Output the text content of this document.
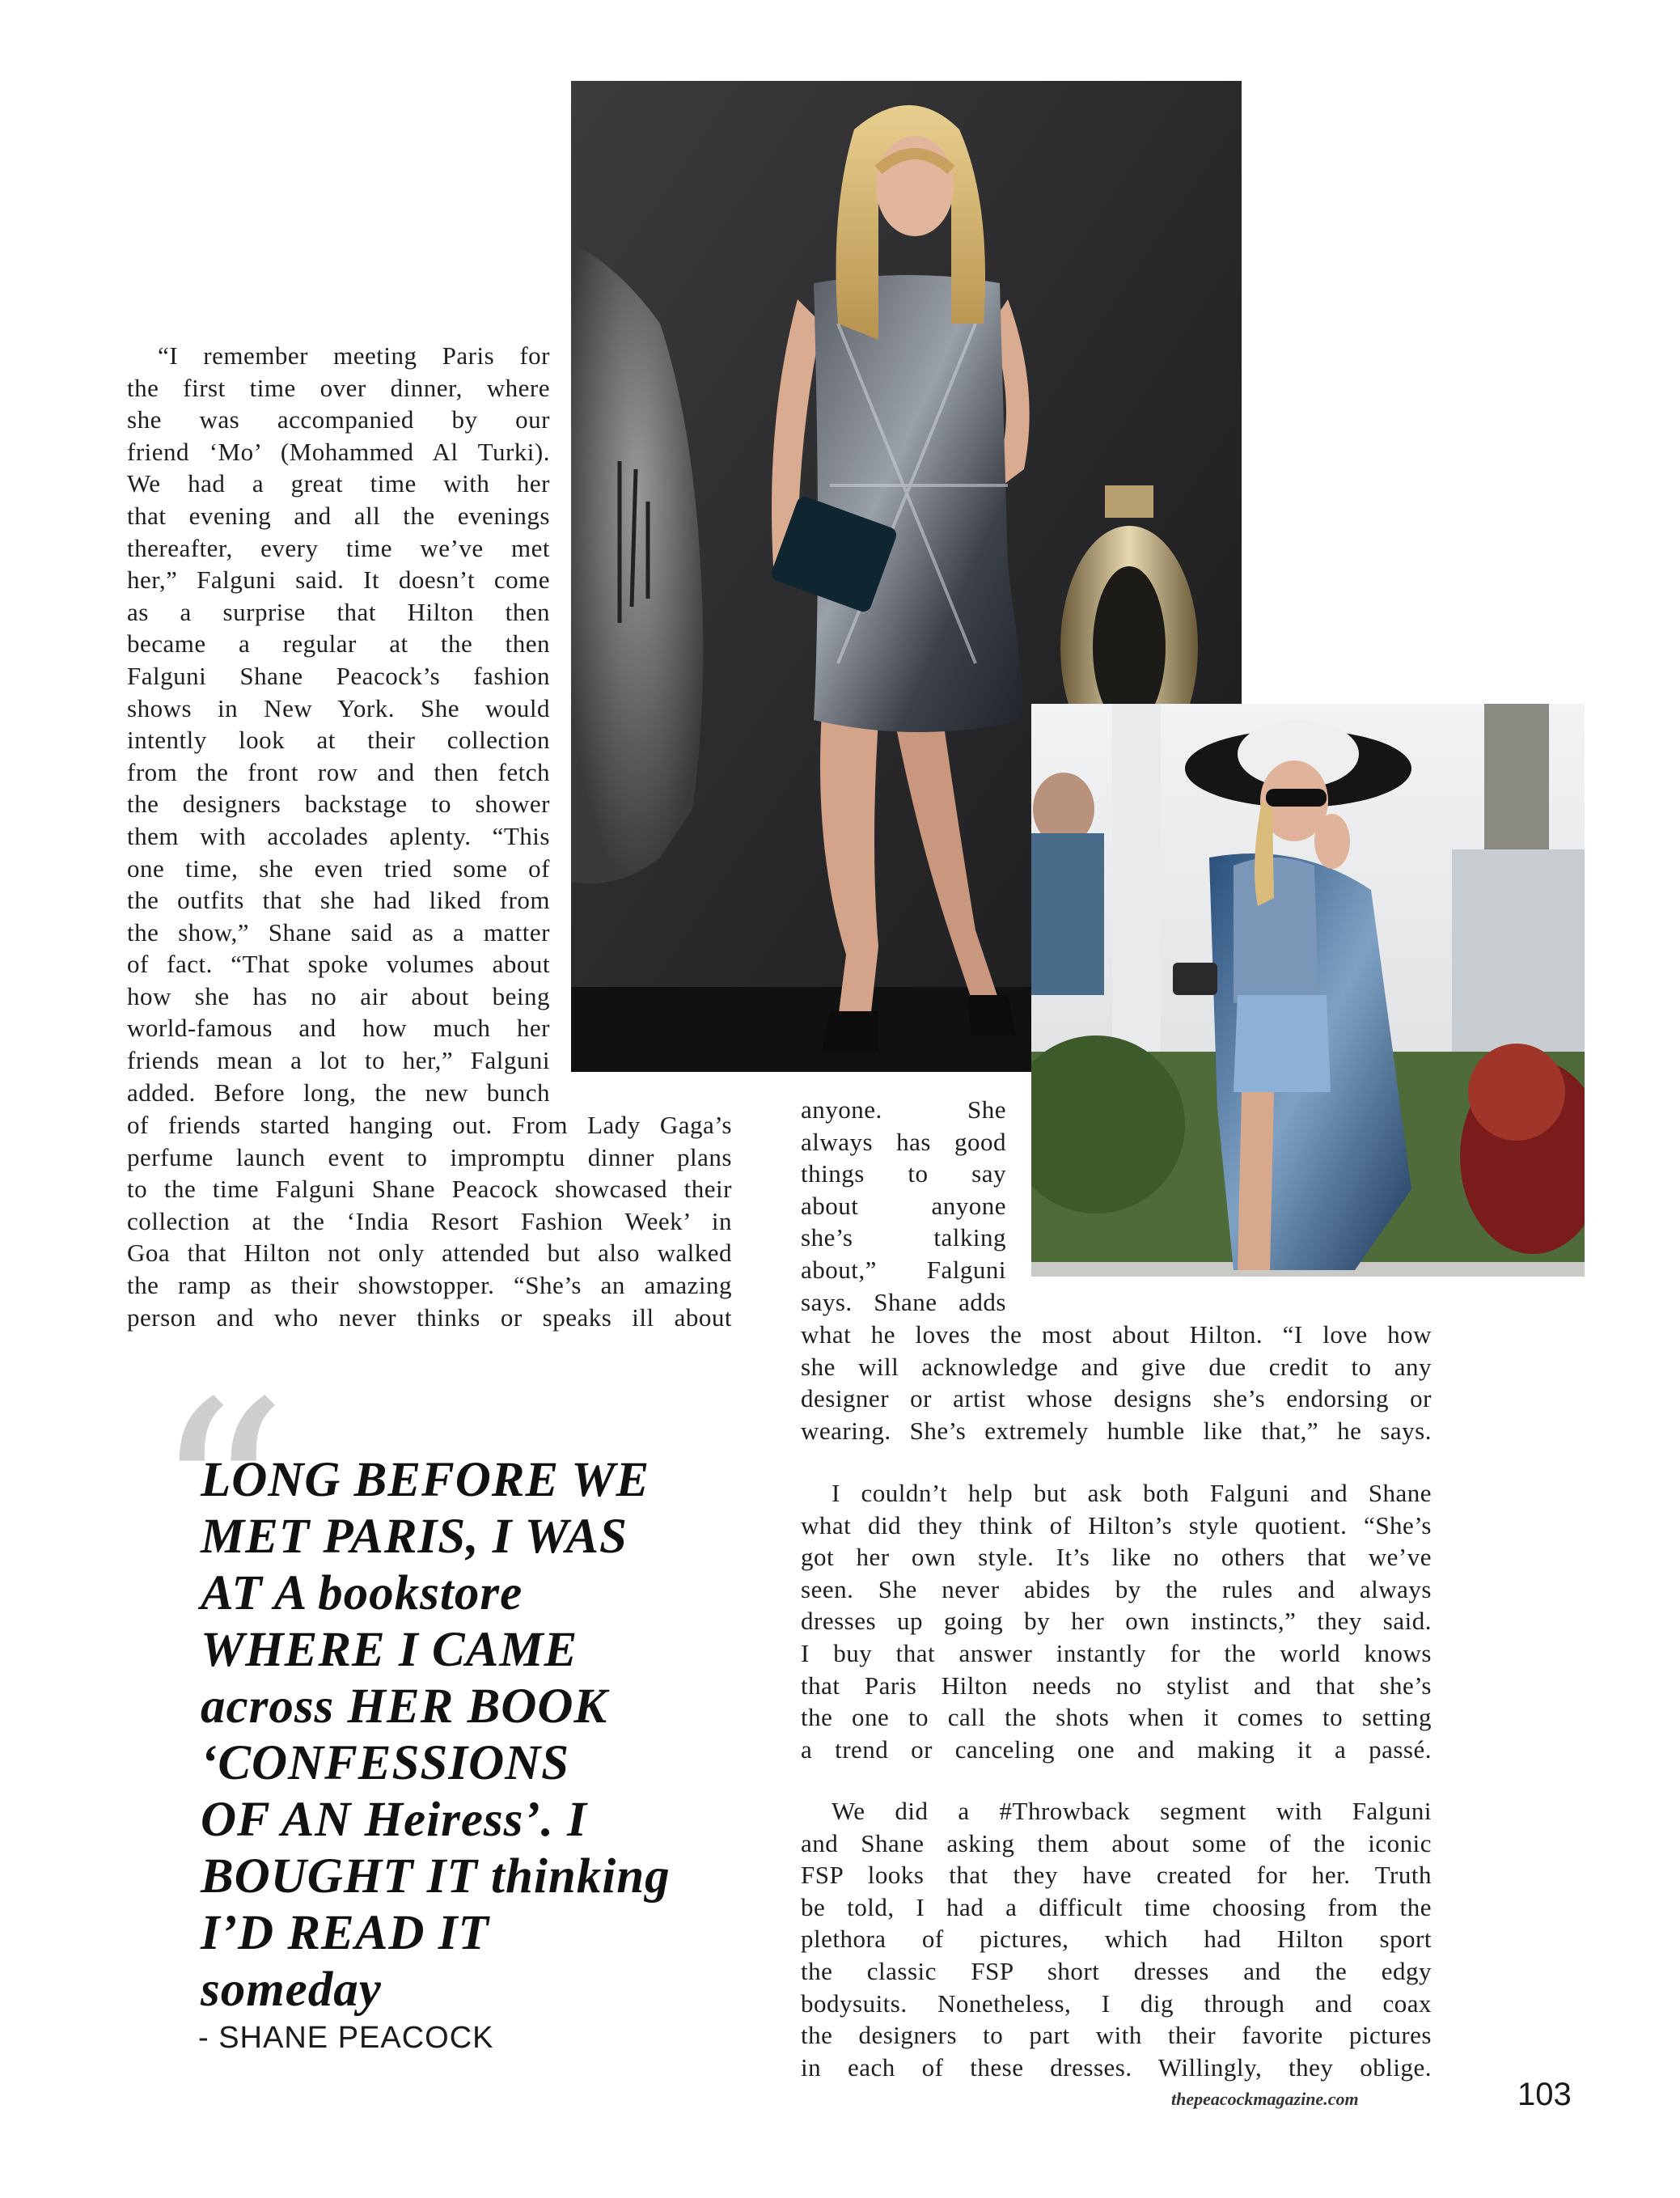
“I remember meeting Paris for
the first time over dinner, where
she was accompanied by our
friend ‘Mo’ (Mohammed Al Turki).
We had a great time with her
that evening and all the evenings
thereafter, every time we’ve met
her,” Falguni said. It doesn’t come
as a surprise that Hilton then
became a regular at the then
Falguni Shane Peacock’s fashion
shows in New York. She would
intently look at their collection
from the front row and then fetch
the designers backstage to shower
them with accolades aplenty. “This
one time, she even tried some of
the outfits that she had liked from
the show,” Shane said as a matter
of fact. “That spoke volumes about
how she has no air about being
world-famous and how much her
friends mean a lot to her,” Falguni
added. Before long, the new bunch
of friends started hanging out. From Lady Gaga’s
perfume launch event to impromptu dinner plans
to the time Falguni Shane Peacock showcased their
collection at the ‘India Resort Fashion Week’ in
Goa that Hilton not only attended but also walked
the ramp as their showstopper. “She’s an amazing
person and who never thinks or speaks ill about
anyone. She
always has good
things to say
about anyone
she’s talking
about,” Falguni
says. Shane adds
what he loves the most about Hilton. “I love how
she will acknowledge and give due credit to any
designer or artist whose designs she’s endorsing or
wearing. She’s extremely humble like that,” he says.
I couldn’t help but ask both Falguni and Shane
what did they think of Hilton’s style quotient. “She’s
got her own style. It’s like no others that we’ve
seen. She never abides by the rules and always
dresses up going by her own instincts,” they said.
I buy that answer instantly for the world knows
that Paris Hilton needs no stylist and that she’s
the one to call the shots when it comes to setting
a trend or canceling one and making it a passé.
We did a #Throwback segment with Falguni
and Shane asking them about some of the iconic
FSP looks that they have created for her. Truth
be told, I had a difficult time choosing from the
plethora of pictures, which had Hilton sport
the classic FSP short dresses and the edgy
bodysuits. Nonetheless, I dig through and coax
the designers to part with their favorite pictures
in each of these dresses. Willingly, they oblige.
“
LONG BEFORE WE
MET PARIS, I WAS
AT A bookstore
WHERE I CAME
across HER BOOK
‘CONFESSIONS
OF AN Heiress’. I
BOUGHT IT thinking
I’D READ IT
someday

- SHANE PEACOCK

thepeacockmagazine.com	103
